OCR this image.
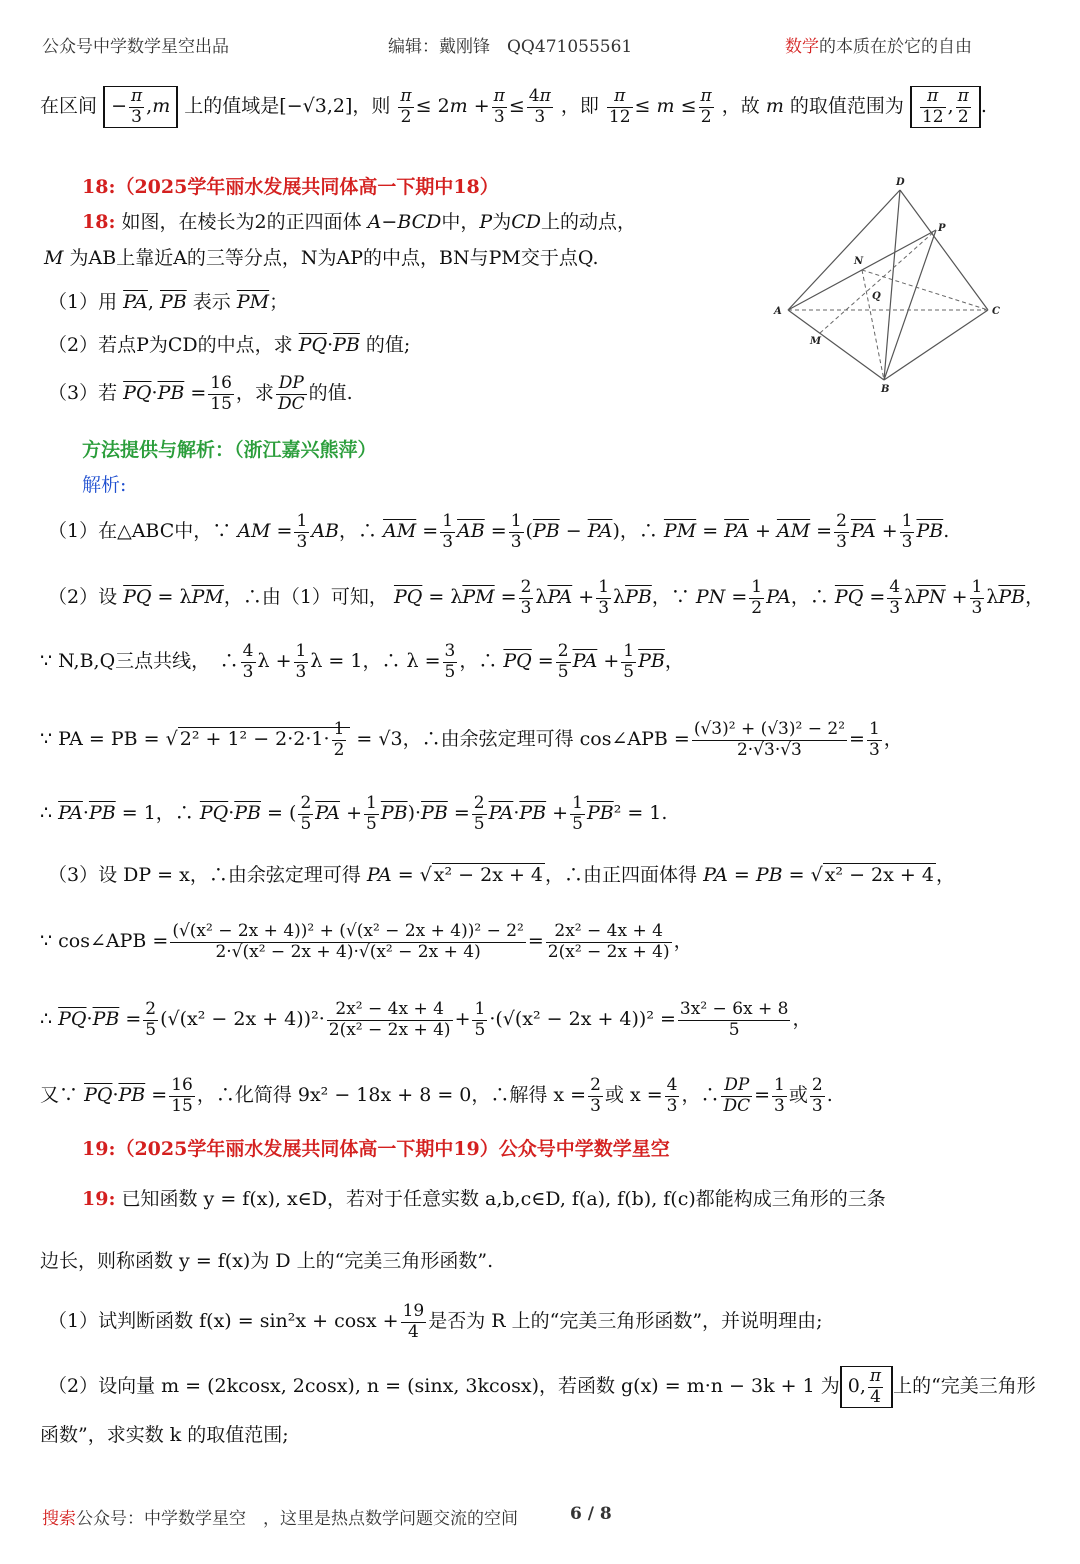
公众号中学数学星空出品	编辑：戴刚锋　QQ471055561	数学的本质在於它的自由
在区间 − $\frac{\pi}{3} ,m$ 上的值域是[−√3,2]，则 $\frac{\pi}{2} \le 2m + \frac{\pi}{3} \le \frac{4\pi}{3}$ ，即 $\frac{\pi}{12} \le m \le \frac{\pi}{2}$ ，故 m 的取值范围为 $\frac{\pi}{12}$ , $\frac{\pi}{2}$ .
18:（2025学年丽水发展共同体高一下期中18）
18: 如图，在棱长为2的正四面体 A−BCD中，P为CD上的动点，
M 为AB上靠近A的三等分点，N为AP的中点，BN与PM交于点Q.
（1）用 $\overline{PA}$, $\overline{PB}$ 表示 $\overline{PM}$；
（2）若点P为CD的中点，求 $\overline{PQ}\cdot\overline{PB}$ 的值;
（3）若 $\overline{PQ}\cdot\overline{PB} = \frac{16}{15}$ ，求 $\frac{DP}{DC}$ 的值.
D
P
N
Q
A	C
M
B
方法提供与解析：（浙江嘉兴熊萍）
解析:
（1）在△ABC中，∵ AM = $\frac{1}{3}$ AB，∴ $\overline{AM} = \frac{1}{3} \overline{AB} = \frac{1}{3} (\overline{PB} - \overline{PA})$，∴ $\overline{PM} = \overline{PA} + \overline{AM} = \frac{2}{3} \overline{PA} + \frac{1}{3} \overline{PB}$.
（2）设 $\overline{PQ} = \lambda\overline{PM}$，∴由（1）可知， $\overline{PQ} = \lambda\overline{PM} = \frac{2}{3} \lambda\overline{PA} + \frac{1}{3} \lambda\overline{PB}$，∵ PN = $\frac{1}{2}$ PA，∴ $\overline{PQ} = \frac{4}{3} \lambda\overline{PN} + \frac{1}{3} \lambda\overline{PB}$，
∵ N,B,Q三点共线，　∴ $\frac{4}{3}$ $\lambda + \frac{1}{3}$ λ = 1，∴ $\lambda = \frac{3}{5}$ ，∴ $\overline{PQ} = \frac{2}{5} \overline{PA} + \frac{1}{5} \overline{PB}$，
∵ PA = PB = √ $2^2 + 1^2 - 2\cdot 2\cdot 1\cdot \frac{1}{2} = √3$，∴由余弦定理可得 cos∠APB = $\frac{\text{(√3)² + (√3)² − 2²}}{2\cdot√3\cdot√3} = \frac{1}{3}$ ，
∴ $\overline{PA}\cdot\overline{PB} = 1$，∴ $\overline{PQ}\cdot\overline{PB}$ = ( $\frac{2}{5} \overline{PA} + \frac{1}{5} \overline{PB})\cdot\overline{PB} = \frac{2}{5} \overline{PA}\cdot\overline{PB} + \frac{1}{5} \overline{PB}^2 = 1$.
（3）设 DP = x，∴由余弦定理可得 PA = √ x² − 2x + 4 ，∴由正四面体得 PA = PB = √ x² − 2x + 4 ，
∵ cos∠APB = $\frac{\text{(√(x² − 2x + 4))² + (√(x² − 2x + 4))² − 2²}}{\text{2·√(x² − 2x + 4)·√(x² − 2x + 4)}} = \frac{\text{2x² − 4x + 4}}{\text{2(x² − 2x + 4)}}$ ，
∴ $\overline{PQ}\cdot\overline{PB} = \frac{2}{5} (√(x^2 - 2x + 4))^2\cdot \frac{\text{2x² − 4x + 4}}{\text{2(x² − 2x + 4)}} + \frac{1}{5} \cdot(√(x^2 - 2x + 4))^2 = \frac{\text{3x² − 6x + 8}}{5}$ ，
又∵ $\overline{PQ}\cdot\overline{PB} = \frac{16}{15}$ ，∴化简得 9x² − 18x + 8 = 0，∴解得 $x = \frac{2}{3}$ 或 $x = \frac{4}{3}$ ，∴ $\frac{DP}{DC} = \frac{1}{3}$ 或 $\frac{2}{3}$ .
19:（2025学年丽水发展共同体高一下期中19）公众号中学数学星空
19: 已知函数 y = f(x), x∈D，若对于任意实数 a,b,c∈D, f(a), f(b), f(c)都能构成三角形的三条
边长，则称函数 y = f(x)为 D 上的“完美三角形函数”.
（1）试判断函数 $f(x) = \sin^2x + \cos x + \frac{19}{4}$ 是否为 R 上的“完美三角形函数”，并说明理由;
（2）设向量 m = (2kcosx, 2cosx), n = (sinx, 3kcosx)，若函数 g(x) = m·n − 3k + 1 为 0, $\frac{\pi}{4}$ 上的“完美三角形
函数”，求实数 k 的取值范围;
搜索公众号：中学数学星空　，这里是热点数学问题交流的空间	6 / 8
